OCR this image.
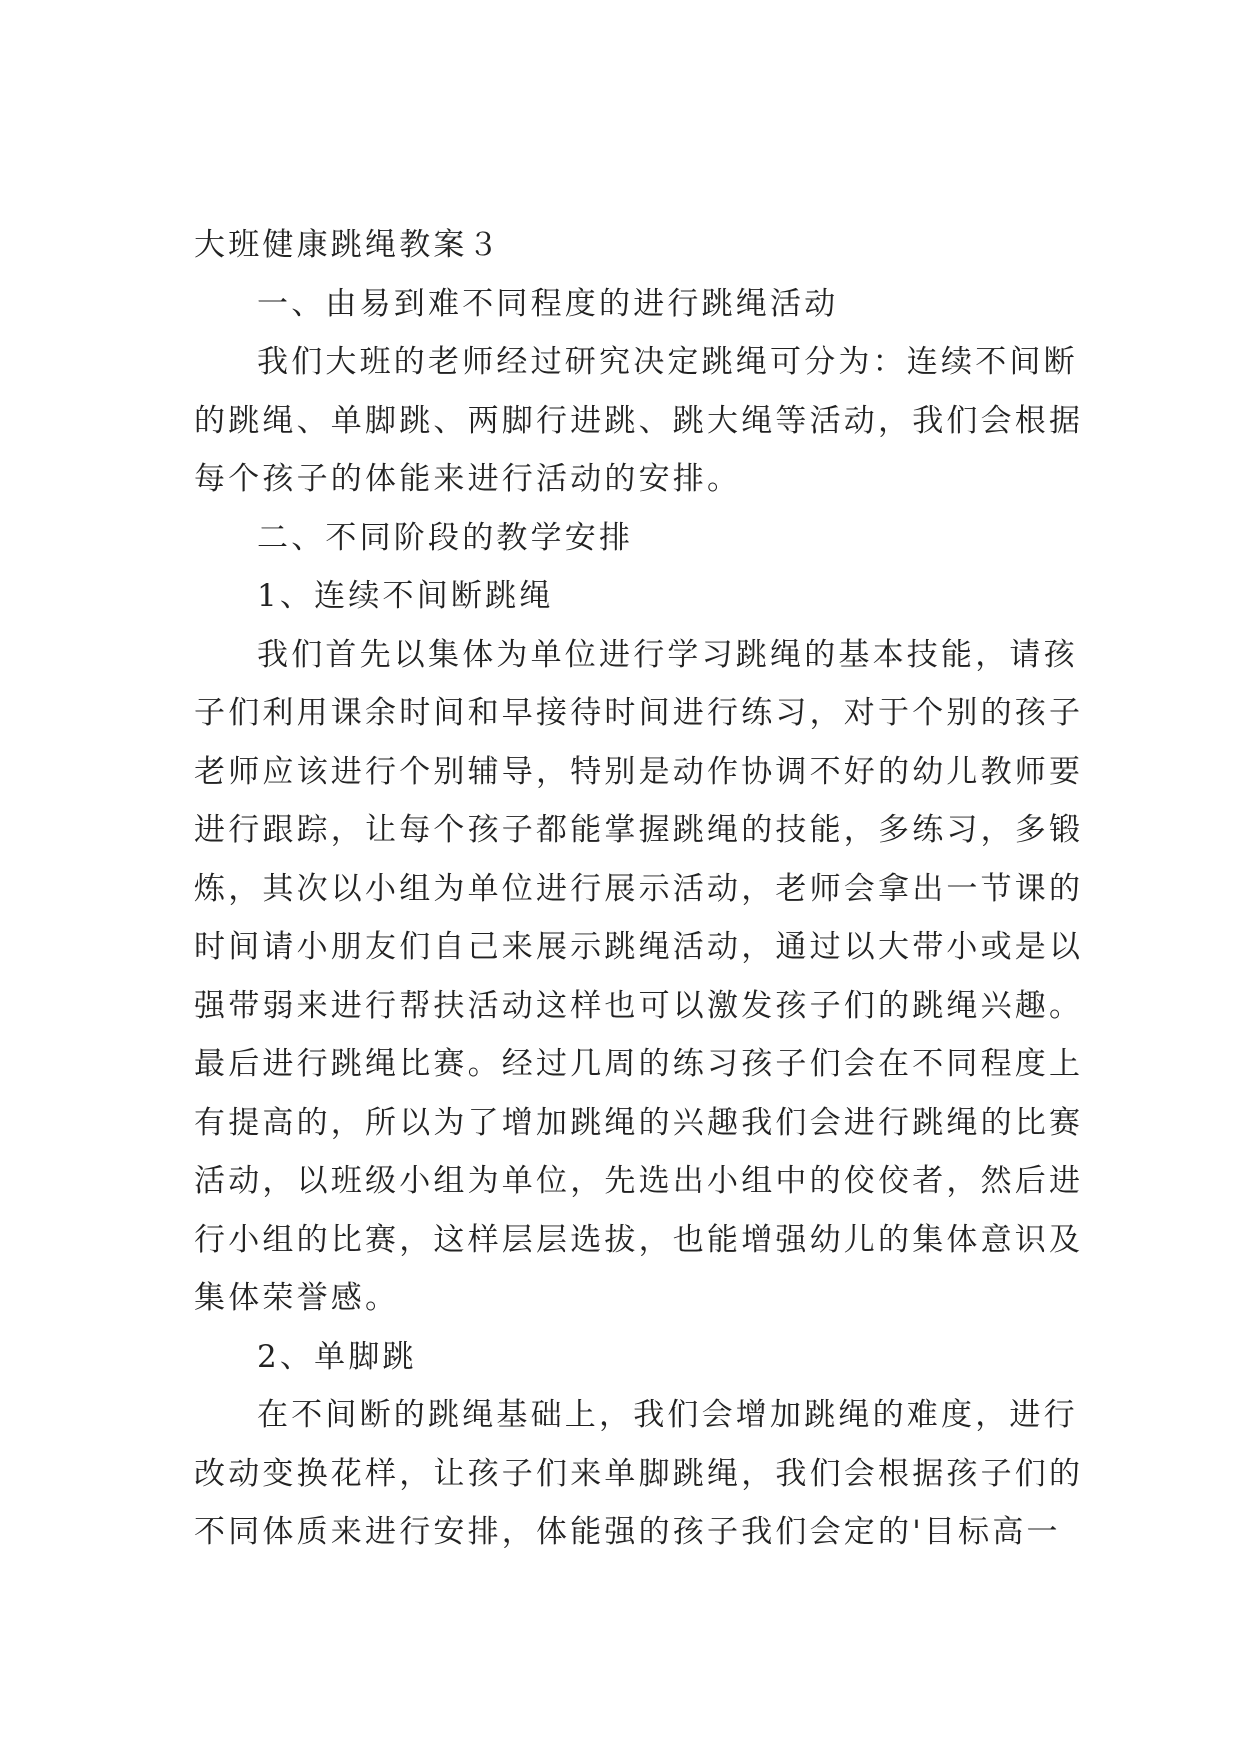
大班健康跳绳教案３

一、由易到难不同程度的进行跳绳活动

我们大班的老师经过研究决定跳绳可分为：连续不间断

的跳绳、单脚跳、两脚行进跳、跳大绳等活动，我们会根据

每个孩子的体能来进行活动的安排。

二、不同阶段的教学安排

1、连续不间断跳绳

我们首先以集体为单位进行学习跳绳的基本技能，请孩

子们利用课余时间和早接待时间进行练习，对于个别的孩子

老师应该进行个别辅导，特别是动作协调不好的幼儿教师要

进行跟踪，让每个孩子都能掌握跳绳的技能，多练习，多锻

炼，其次以小组为单位进行展示活动，老师会拿出一节课的

时间请小朋友们自己来展示跳绳活动，通过以大带小或是以

强带弱来进行帮扶活动这样也可以激发孩子们的跳绳兴趣。

最后进行跳绳比赛。经过几周的练习孩子们会在不同程度上

有提高的，所以为了增加跳绳的兴趣我们会进行跳绳的比赛

活动，以班级小组为单位，先选出小组中的佼佼者，然后进

行小组的比赛，这样层层选拔，也能增强幼儿的集体意识及

集体荣誉感。

2、单脚跳

在不间断的跳绳基础上，我们会增加跳绳的难度，进行

改动变换花样，让孩子们来单脚跳绳，我们会根据孩子们的

不同体质来进行安排，体能强的孩子我们会定的'目标高一
